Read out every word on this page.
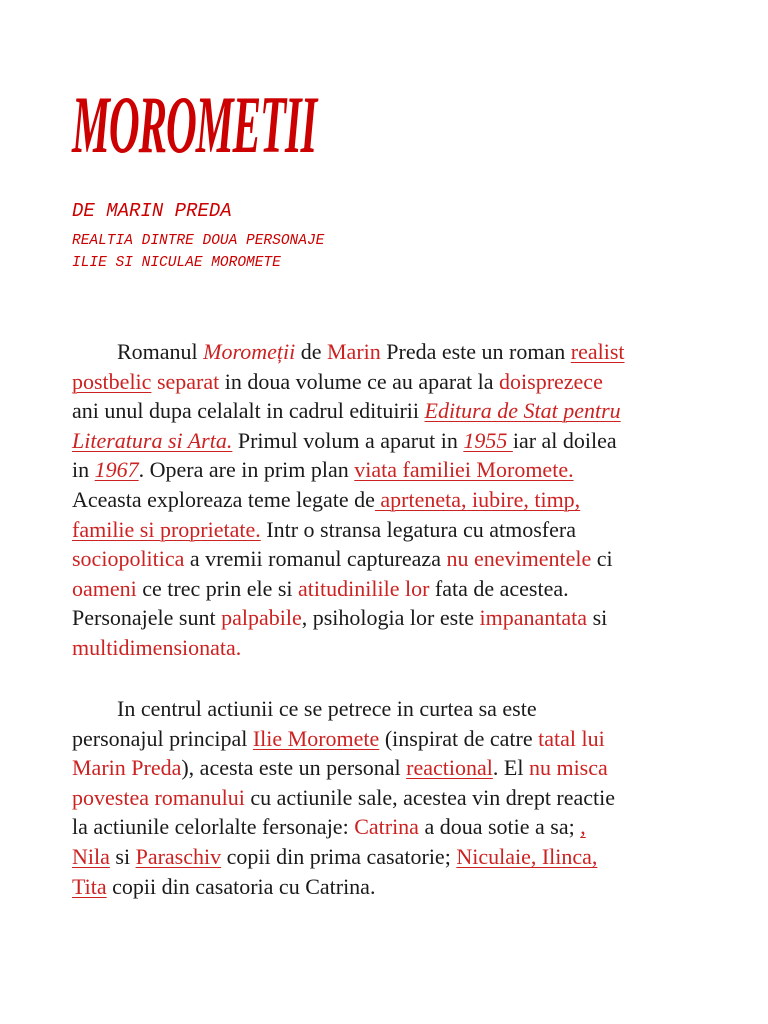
MOROMETII
DE MARIN PREDA
REALTIA DINTRE DOUA PERSONAJE
ILIE SI NICULAE MOROMETE
Romanul Moromeții de Marin Preda este un roman realist
postbelic separat in doua volume ce au aparat la doisprezece
ani unul dupa celalalt in cadrul edituirii Editura de Stat pentru
Literatura si Arta. Primul volum a aparut in 1955 iar al doilea
in 1967. Opera are in prim plan viata familiei Moromete.
Aceasta exploreaza teme legate de aprteneta, iubire, timp,
familie si proprietate. Intr o stransa legatura cu atmosfera
sociopolitica a vremii romanul captureaza nu enevimentele ci
oameni ce trec prin ele si atitudinilile lor fata de acestea.
Personajele sunt palpabile, psihologia lor este impanantata si
multidimensionata.
In centrul actiunii ce se petrece in curtea sa este
personajul principal Ilie Moromete (inspirat de catre tatal lui
Marin Preda), acesta este un personal reactional. El nu misca
povestea romanului cu actiunile sale, acestea vin drept reactie
la actiunile celorlalte fersonaje: Catrina a doua sotie a sa; ,
Nila si Paraschiv copii din prima casatorie; Niculaie, Ilinca,
Tita copii din casatoria cu Catrina.
